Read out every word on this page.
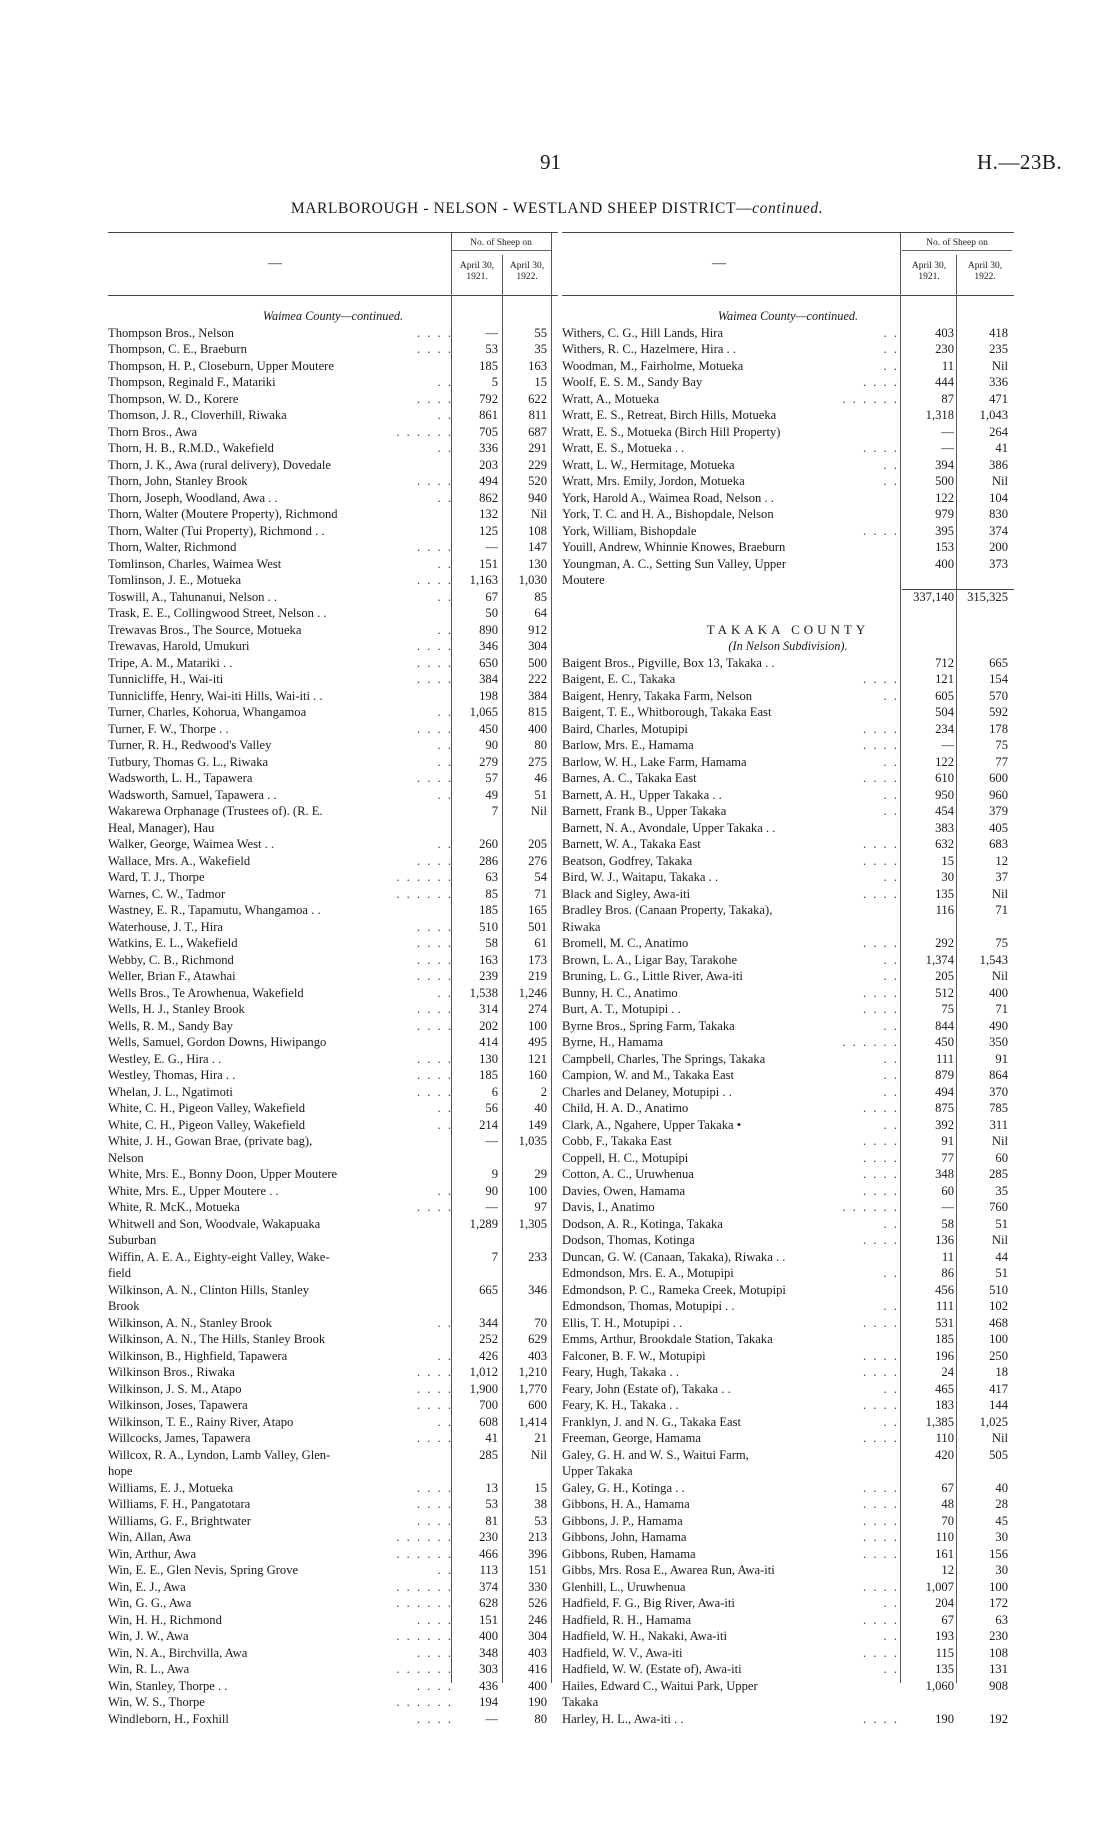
91	H.—23B.
MARLBOROUGH - NELSON - WESTLAND SHEEP DISTRICT—continued.
—
No. of Sheep on
April 30,
1921.
April 30,
1922.
Waimea County—continued.
. . . .
Thompson Bros., Nelson	—	55
. . . .
Thompson, C. E., Braeburn	53	35
Thompson, H. P., Closeburn, Upper Moutere	185	163
. .
Thompson, Reginald F., Matariki	5	15
. . . .
Thompson, W. D., Korere	792	622
. .
Thomson, J. R., Cloverhill, Riwaka	861	811
. . . . . .
Thorn Bros., Awa	705	687
. .
Thorn, H. B., R.M.D., Wakefield	336	291
Thorn, J. K., Awa (rural delivery), Dovedale	203	229
. . . .
Thorn, John, Stanley Brook	494	520
. .
Thorn, Joseph, Woodland, Awa . .	862	940
Thorn, Walter (Moutere Property), Richmond	132	Nil
Thorn, Walter (Tui Property), Richmond . .	125	108
. . . .
Thorn, Walter, Richmond	—	147
. .
Tomlinson, Charles, Waimea West	151	130
. . . .
Tomlinson, J. E., Motueka	1,163	1,030
. .
Toswill, A., Tahunanui, Nelson . .	67	85
Trask, E. E., Collingwood Street, Nelson . .	50	64
. .
Trewavas Bros., The Source, Motueka	890	912
. . . .
Trewavas, Harold, Umukuri	346	304
. . . .
Tripe, A. M., Matariki . .	650	500
. . . .
Tunnicliffe, H., Wai-iti	384	222
Tunnicliffe, Henry, Wai-iti Hills, Wai-iti . .	198	384
. .
Turner, Charles, Kohorua, Whangamoa	1,065	815
. . . .
Turner, F. W., Thorpe . .	450	400
. .
Turner, R. H., Redwood's Valley	90	80
. .
Tutbury, Thomas G. L., Riwaka	279	275
. . . .
Wadsworth, L. H., Tapawera	57	46
. .
Wadsworth, Samuel, Tapawera . .	49	51
Wakarewa Orphanage (Trustees of). (R. E.	7	Nil
Heal, Manager), Hau
. .
Walker, George, Waimea West . .	260	205
. . . .
Wallace, Mrs. A., Wakefield	286	276
. . . . . .
Ward, T. J., Thorpe	63	54
. . . . . .
Warnes, C. W., Tadmor	85	71
Wastney, E. R., Tapamutu, Whangamoa . .	185	165
. . . .
Waterhouse, J. T., Hira	510	501
. . . .
Watkins, E. L., Wakefield	58	61
. . . .
Webby, C. B., Richmond	163	173
. . . .
Weller, Brian F., Atawhai	239	219
. .
Wells Bros., Te Arowhenua, Wakefield	1,538	1,246
. . . .
Wells, H. J., Stanley Brook	314	274
. . . .
Wells, R. M., Sandy Bay	202	100
Wells, Samuel, Gordon Downs, Hiwipango	414	495
. . . .
Westley, E. G., Hira . .	130	121
. . . .
Westley, Thomas, Hira . .	185	160
. . . .
Whelan, J. L., Ngatimoti	6	2
. .
White, C. H., Pigeon Valley, Wakefield	56	40
. .
White, C. H., Pigeon Valley, Wakefield	214	149
White, J. H., Gowan Brae, (private bag),	—	1,035
Nelson
White, Mrs. E., Bonny Doon, Upper Moutere	9	29
. .
White, Mrs. E., Upper Moutere . .	90	100
. . . .
White, R. McK., Motueka	—	97
Whitwell and Son, Woodvale, Wakapuaka	1,289	1,305
Suburban
Wiffin, A. E. A., Eighty-eight Valley, Wake-	7	233
field
Wilkinson, A. N., Clinton Hills, Stanley	665	346
Brook
. .
Wilkinson, A. N., Stanley Brook	344	70
Wilkinson, A. N., The Hills, Stanley Brook	252	629
. .
Wilkinson, B., Highfield, Tapawera	426	403
. . . .
Wilkinson Bros., Riwaka	1,012	1,210
. . . .
Wilkinson, J. S. M., Atapo	1,900	1,770
. . . .
Wilkinson, Joses, Tapawera	700	600
. .
Wilkinson, T. E., Rainy River, Atapo	608	1,414
. . . .
Willcocks, James, Tapawera	41	21
Willcox, R. A., Lyndon, Lamb Valley, Glen-	285	Nil
hope
. . . .
Williams, E. J., Motueka	13	15
. . . .
Williams, F. H., Pangatotara	53	38
. . . .
Williams, G. F., Brightwater	81	53
. . . . . .
Win, Allan, Awa	230	213
. . . . . .
Win, Arthur, Awa	466	396
. .
Win, E. E., Glen Nevis, Spring Grove	113	151
. . . . . .
Win, E. J., Awa	374	330
. . . . . .
Win, G. G., Awa	628	526
. . . .
Win, H. H., Richmond	151	246
. . . . . .
Win, J. W., Awa	400	304
. . . .
Win, N. A., Birchvilla, Awa	348	403
. . . . . .
Win, R. L., Awa	303	416
. . . .
Win, Stanley, Thorpe . .	436	400
. . . . . .
Win, W. S., Thorpe	194	190
. . . .
Windleborn, H., Foxhill	—	80
—
No. of Sheep on
April 30,
1921.
April 30,
1922.
Waimea County—continued.
. .
Withers, C. G., Hill Lands, Hira	403	418
. .
Withers, R. C., Hazelmere, Hira . .	230	235
. .
Woodman, M., Fairholme, Motueka	11	Nil
. . . .
Woolf, E. S. M., Sandy Bay	444	336
. . . . . .
Wratt, A., Motueka	87	471
Wratt, E. S., Retreat, Birch Hills, Motueka	1,318	1,043
Wratt, E. S., Motueka (Birch Hill Property)	—	264
. . . .
Wratt, E. S., Motueka . .	—	41
. .
Wratt, L. W., Hermitage, Motueka	394	386
. .
Wratt, Mrs. Emily, Jordon, Motueka	500	Nil
York, Harold A., Waimea Road, Nelson . .	122	104
York, T. C. and H. A., Bishopdale, Nelson	979	830
. . . .
York, William, Bishopdale	395	374
Youill, Andrew, Whinnie Knowes, Braeburn	153	200
Youngman, A. C., Setting Sun Valley, Upper	400	373
Moutere
337,140	315,325
TAKAKA COUNTY
(In Nelson Subdivision).
Baigent Bros., Pigville, Box 13, Takaka . .	712	665
. . . .
Baigent, E. C., Takaka	121	154
. .
Baigent, Henry, Takaka Farm, Nelson	605	570
Baigent, T. E., Whitborough, Takaka East	504	592
. . . .
Baird, Charles, Motupipi	234	178
. . . .
Barlow, Mrs. E., Hamama	—	75
. .
Barlow, W. H., Lake Farm, Hamama	122	77
. . . .
Barnes, A. C., Takaka East	610	600
. .
Barnett, A. H., Upper Takaka . .	950	960
. .
Barnett, Frank B., Upper Takaka	454	379
Barnett, N. A., Avondale, Upper Takaka . .	383	405
. . . .
Barnett, W. A., Takaka East	632	683
. . . .
Beatson, Godfrey, Takaka	15	12
. .
Bird, W. J., Waitapu, Takaka . .	30	37
. . . .
Black and Sigley, Awa-iti	135	Nil
Bradley Bros. (Canaan Property, Takaka),	116	71
Riwaka
. . . .
Bromell, M. C., Anatimo	292	75
. .
Brown, L. A., Ligar Bay, Tarakohe	1,374	1,543
. .
Bruning, L. G., Little River, Awa-iti	205	Nil
. . . .
Bunny, H. C., Anatimo	512	400
. . . .
Burt, A. T., Motupipi . .	75	71
. .
Byrne Bros., Spring Farm, Takaka	844	490
. . . . . .
Byrne, H., Hamama	450	350
. .
Campbell, Charles, The Springs, Takaka	111	91
. .
Campion, W. and M., Takaka East	879	864
. .
Charles and Delaney, Motupipi . .	494	370
. . . .
Child, H. A. D., Anatimo	875	785
. .
Clark, A., Ngahere, Upper Takaka •	392	311
. . . .
Cobb, F., Takaka East	91	Nil
. . . .
Coppell, H. C., Motupipi	77	60
. . . .
Cotton, A. C., Uruwhenua	348	285
. . . .
Davies, Owen, Hamama	60	35
. . . . . .
Davis, I., Anatimo	—	760
. .
Dodson, A. R., Kotinga, Takaka	58	51
. . . .
Dodson, Thomas, Kotinga	136	Nil
Duncan, G. W. (Canaan, Takaka), Riwaka . .	11	44
. .
Edmondson, Mrs. E. A., Motupipi	86	51
Edmondson, P. C., Rameka Creek, Motupipi	456	510
. .
Edmondson, Thomas, Motupipi . .	111	102
. . . .
Ellis, T. H., Motupipi . .	531	468
Emms, Arthur, Brookdale Station, Takaka	185	100
. . . .
Falconer, B. F. W., Motupipi	196	250
. . . .
Feary, Hugh, Takaka . .	24	18
. .
Feary, John (Estate of), Takaka . .	465	417
. . . .
Feary, K. H., Takaka . .	183	144
. .
Franklyn, J. and N. G., Takaka East	1,385	1,025
. . . .
Freeman, George, Hamama	110	Nil
Galey, G. H. and W. S., Waitui Farm,	420	505
Upper Takaka
. . . .
Galey, G. H., Kotinga . .	67	40
. . . .
Gibbons, H. A., Hamama	48	28
. . . .
Gibbons, J. P., Hamama	70	45
. . . .
Gibbons, John, Hamama	110	30
. . . .
Gibbons, Ruben, Hamama	161	156
Gibbs, Mrs. Rosa E., Awarea Run, Awa-iti	12	30
. . . .
Glenhill, L., Uruwhenua	1,007	100
. .
Hadfield, F. G., Big River, Awa-iti	204	172
. . . .
Hadfield, R. H., Hamama	67	63
. .
Hadfield, W. H., Nakaki, Awa-iti	193	230
. . . .
Hadfield, W. V., Awa-iti	115	108
. .
Hadfield, W. W. (Estate of), Awa-iti	135	131
Hailes, Edward C., Waitui Park, Upper	1,060	908
Takaka
. . . .
Harley, H. L., Awa-iti . .	190	192
